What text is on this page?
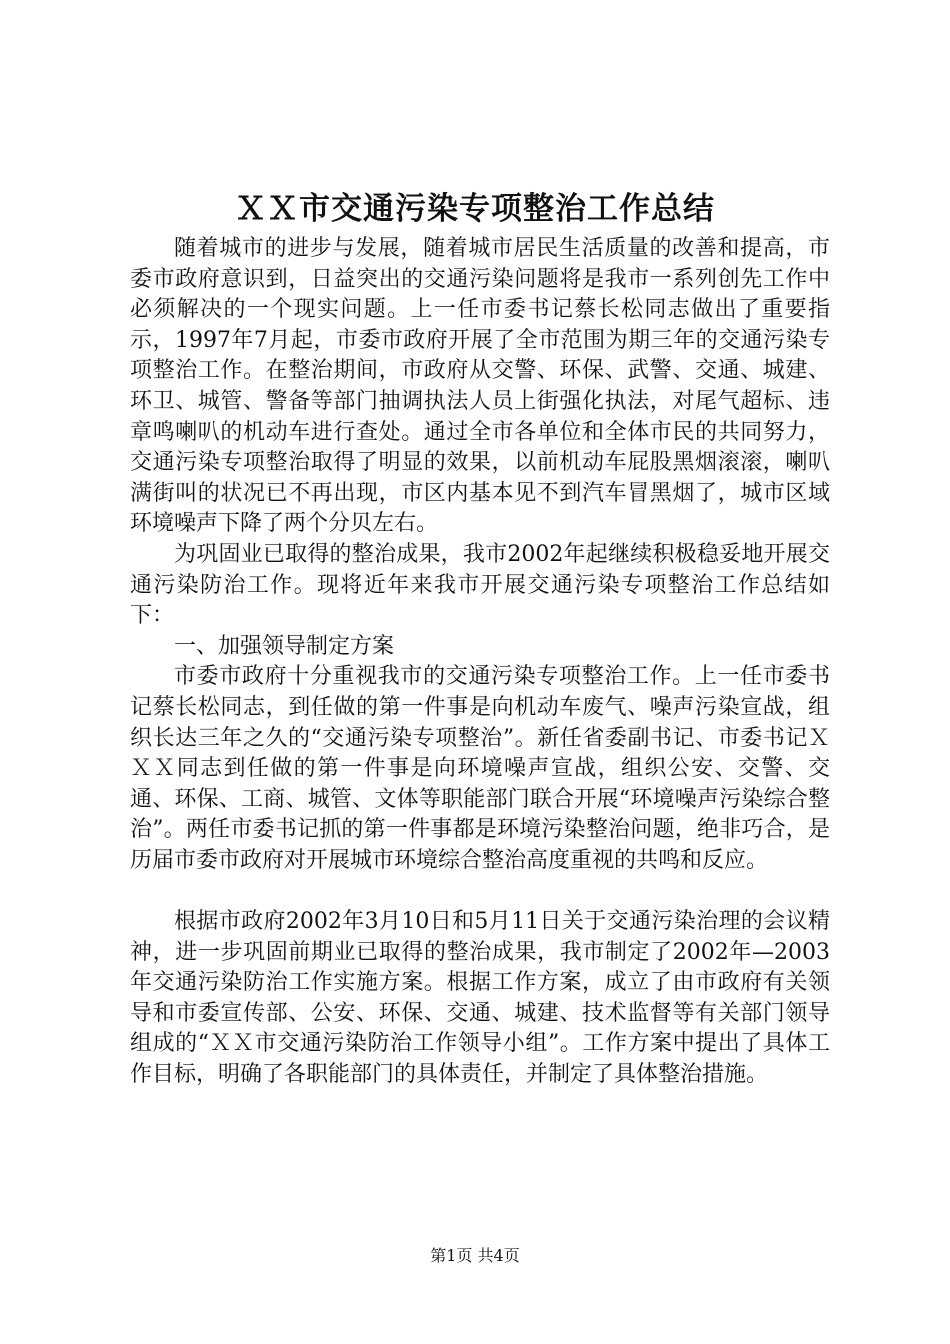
ＸＸ市交通污染专项整治工作总结

随着城市的进步与发展，随着城市居民生活质量的改善和提高，市委市政府意识到，日益突出的交通污染问题将是我市一系列创先工作中必须解决的一个现实问题。上一任市委书记蔡长松同志做出了重要指示，1997年7月起，市委市政府开展了全市范围为期三年的交通污染专项整治工作。在整治期间，市政府从交警、环保、武警、交通、城建、环卫、城管、警备等部门抽调执法人员上街强化执法，对尾气超标、违章鸣喇叭的机动车进行查处。通过全市各单位和全体市民的共同努力，交通污染专项整治取得了明显的效果，以前机动车屁股黑烟滚滚，喇叭满街叫的状况已不再出现，市区内基本见不到汽车冒黑烟了，城市区域环境噪声下降了两个分贝左右。

为巩固业已取得的整治成果，我市2002年起继续积极稳妥地开展交通污染防治工作。现将近年来我市开展交通污染专项整治工作总结如下：

一、加强领导制定方案

市委市政府十分重视我市的交通污染专项整治工作。上一任市委书记蔡长松同志，到任做的第一件事是向机动车废气、噪声污染宣战，组织长达三年之久的“交通污染专项整治”。新任省委副书记、市委书记ＸＸＸ同志到任做的第一件事是向环境噪声宣战，组织公安、交警、交通、环保、工商、城管、文体等职能部门联合开展“环境噪声污染综合整治”。两任市委书记抓的第一件事都是环境污染整治问题，绝非巧合，是历届市委市政府对开展城市环境综合整治高度重视的共鸣和反应。

根据市政府2002年3月10日和5月11日关于交通污染治理的会议精神，进一步巩固前期业已取得的整治成果，我市制定了2002年—2003年交通污染防治工作实施方案。根据工作方案，成立了由市政府有关领导和市委宣传部、公安、环保、交通、城建、技术监督等有关部门领导组成的“ＸＸ市交通污染防治工作领导小组”。工作方案中提出了具体工作目标，明确了各职能部门的具体责任，并制定了具体整治措施。

第1页 共4页
